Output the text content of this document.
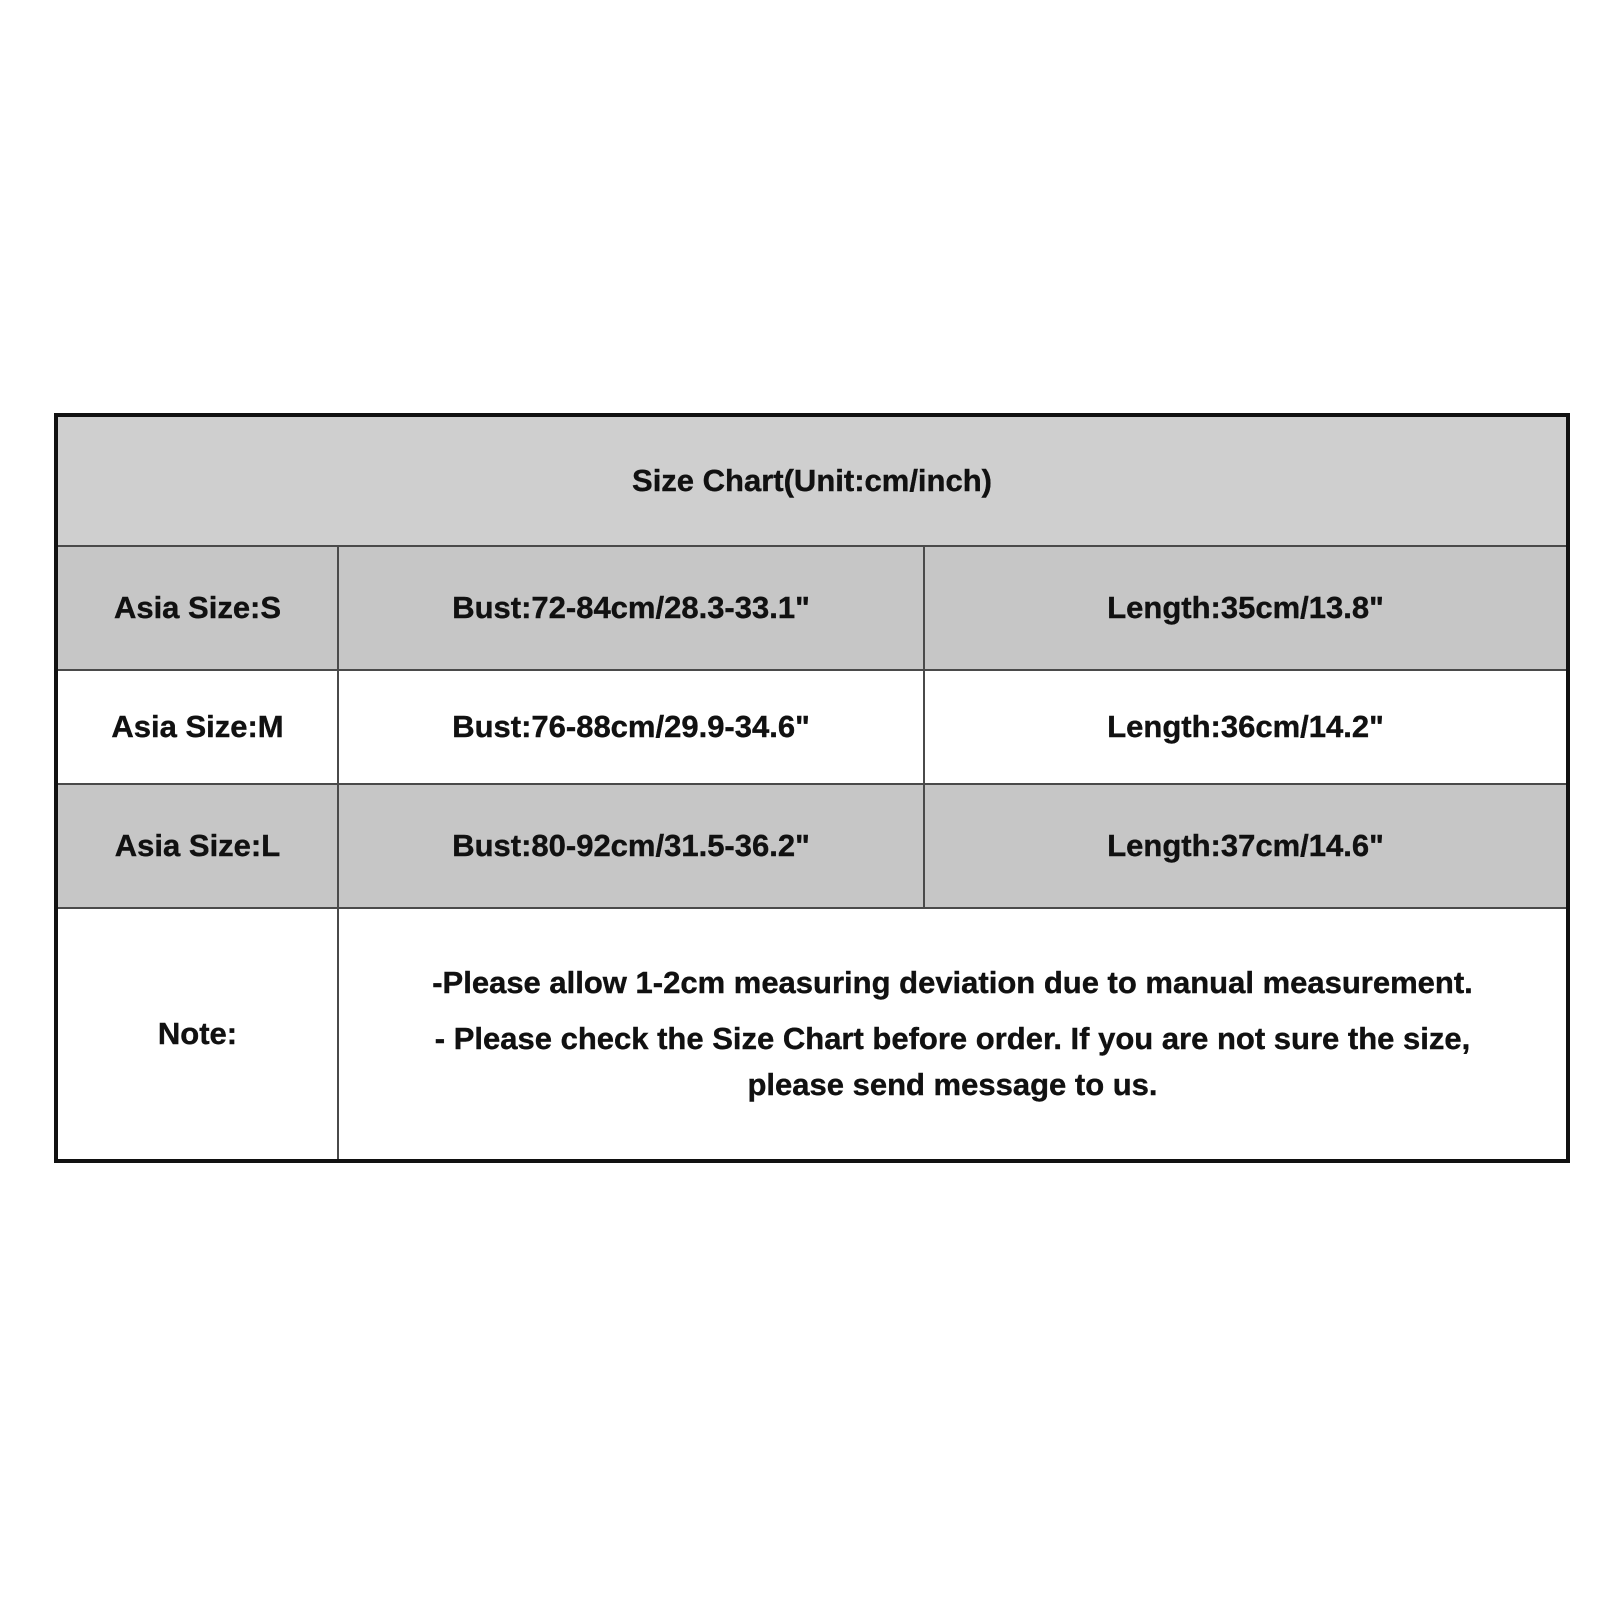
Size Chart(Unit:cm/inch)		
Asia Size:S	Bust:72-84cm/28.3-33.1"	Length:35cm/13.8"
Asia Size:M	Bust:76-88cm/29.9-34.6"	Length:36cm/14.2"
Asia Size:L	Bust:80-92cm/31.5-36.2"	Length:37cm/14.6"
Note:	-Please allow 1-2cm measuring deviation due to manual measurement.
- Please check the Size Chart before order. If you are not sure the size, please send message to us.	
